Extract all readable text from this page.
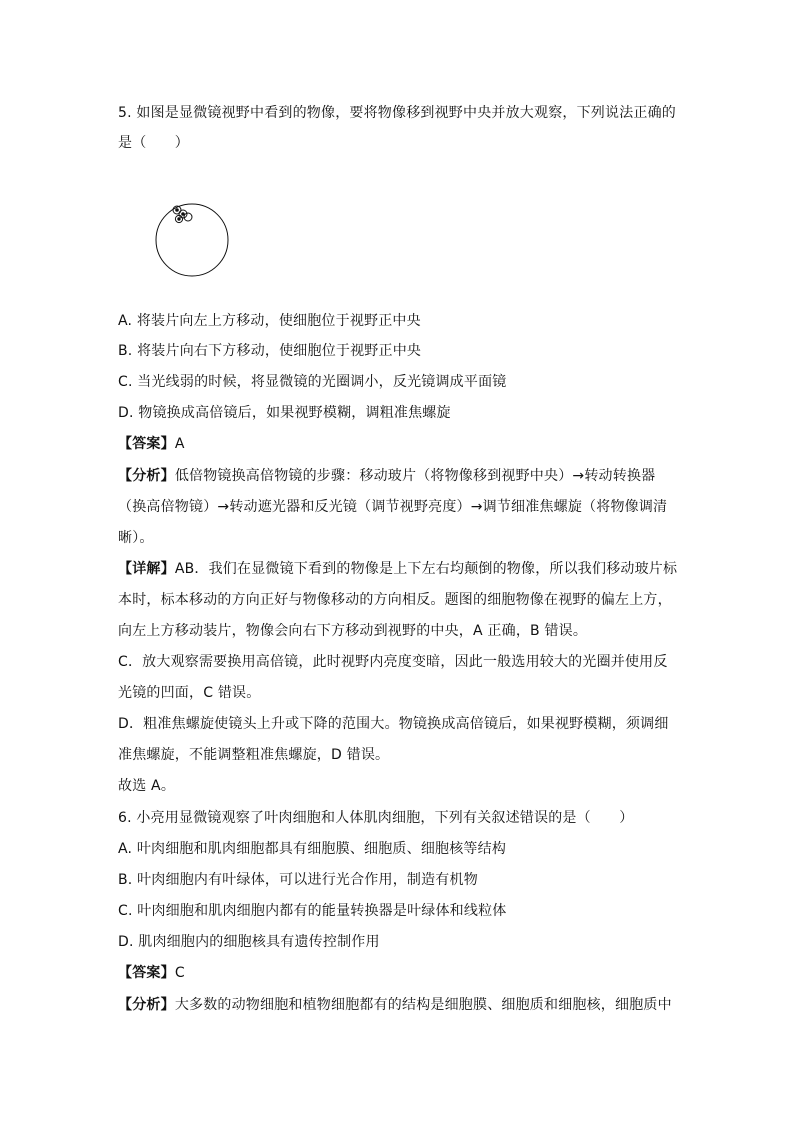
5. 如图是显微镜视野中看到的物像，要将物像移到视野中央并放大观察，下列说法正确的
是（　　）
A. 将装片向左上方移动，使细胞位于视野正中央
B. 将装片向右下方移动，使细胞位于视野正中央
C. 当光线弱的时候，将显微镜的光圈调小，反光镜调成平面镜
D. 物镜换成高倍镜后，如果视野模糊，调粗准焦螺旋
【答案】A
【分析】低倍物镜换高倍物镜的步骤：移动玻片（将物像移到视野中央）→转动转换器
（换高倍物镜）→转动遮光器和反光镜（调节视野亮度）→调节细准焦螺旋（将物像调清
晰）。
【详解】AB．我们在显微镜下看到的物像是上下左右均颠倒的物像，所以我们移动玻片标
本时，标本移动的方向正好与物像移动的方向相反。题图的细胞物像在视野的偏左上方，
向左上方移动装片，物像会向右下方移动到视野的中央，A 正确，B 错误。
C．放大观察需要换用高倍镜，此时视野内亮度变暗，因此一般选用较大的光圈并使用反
光镜的凹面，C 错误。
D．粗准焦螺旋使镜头上升或下降的范围大。物镜换成高倍镜后，如果视野模糊，须调细
准焦螺旋，不能调整粗准焦螺旋，D 错误。
故选 A。
6. 小亮用显微镜观察了叶肉细胞和人体肌肉细胞，下列有关叙述错误的是（　　）
A. 叶肉细胞和肌肉细胞都具有细胞膜、细胞质、细胞核等结构
B. 叶肉细胞内有叶绿体，可以进行光合作用，制造有机物
C. 叶肉细胞和肌肉细胞内都有的能量转换器是叶绿体和线粒体
D. 肌肉细胞内的细胞核具有遗传控制作用
【答案】C
【分析】大多数的动物细胞和植物细胞都有的结构是细胞膜、细胞质和细胞核，细胞质中
